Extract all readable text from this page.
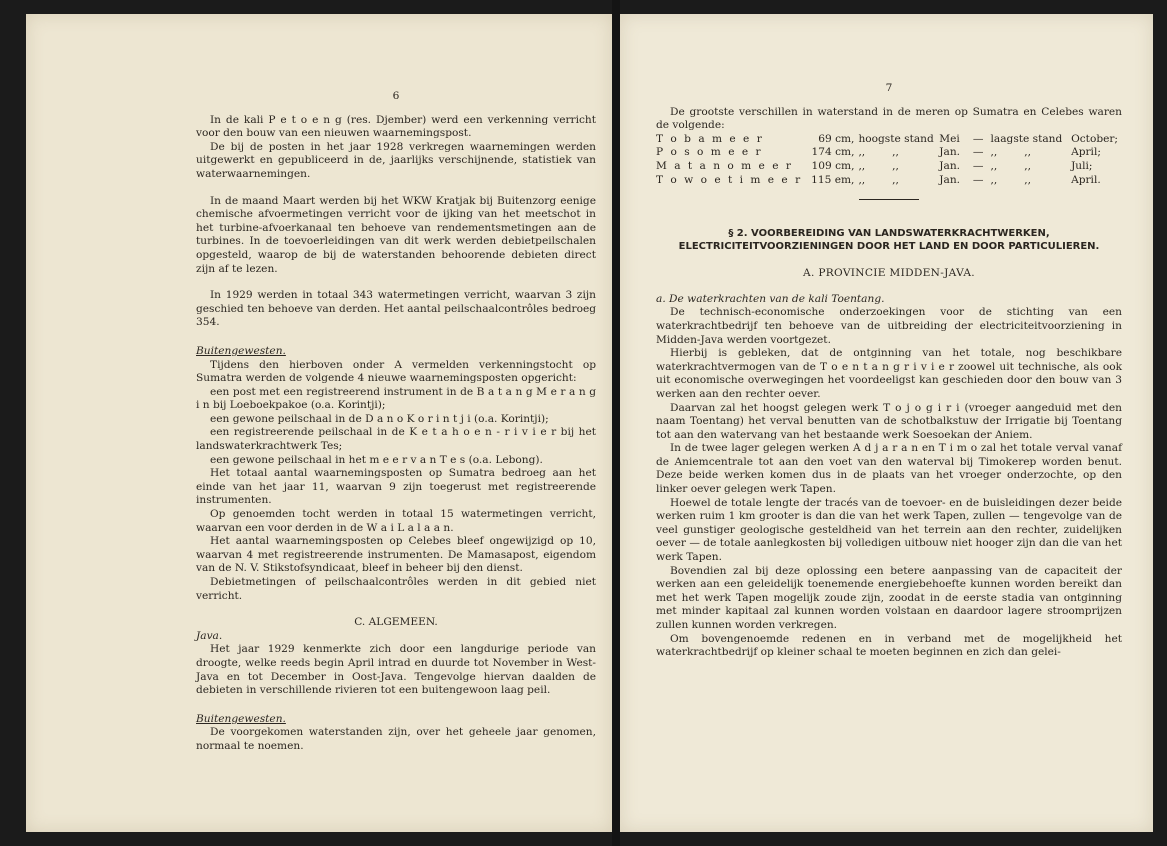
6

In de kali P e t o e n g (res. Djember) werd een verkenning verricht voor den bouw van een nieuwen waarnemingspost.

De bij de posten in het jaar 1928 verkregen waarnemingen werden uitgewerkt en gepubliceerd in de, jaarlijks verschijnende, statistiek van waterwaarnemingen.

In de maand Maart werden bij het WKW Kratjak bij Buitenzorg eenige chemische afvoermetingen verricht voor de ijking van het meetschot in het turbine-afvoerkanaal ten behoeve van rendementsmetingen aan de turbines. In de toevoerleidingen van dit werk werden debietpeilschalen opgesteld, waarop de bij de waterstanden behoorende debieten direct zijn af te lezen.

In 1929 werden in totaal 343 watermetingen verricht, waarvan 3 zijn geschied ten behoeve van derden. Het aantal peilschaalcontrôles bedroeg 354.

Buitengewesten.

Tijdens den hierboven onder A vermelden verkenningstocht op Sumatra werden de volgende 4 nieuwe waarnemingsposten opgericht:

een post met een registreerend instrument in de B a t a n g M e r a n g i n bij Loeboekpakoe (o.a. Korintji);

een gewone peilschaal in de D a n o K o r i n t j i (o.a. Korintji);

een registreerende peilschaal in de K e t a h o e n - r i v i e r bij het landswaterkrachtwerk Tes;

een gewone peilschaal in het m e e r v a n T e s (o.a. Lebong).

Het totaal aantal waarnemingsposten op Sumatra bedroeg aan het einde van het jaar 11, waarvan 9 zijn toegerust met registreerende instrumenten.

Op genoemden tocht werden in totaal 15 watermetingen verricht, waarvan een voor derden in de W a i L a l a a n.

Het aantal waarnemingsposten op Celebes bleef ongewijzigd op 10, waarvan 4 met registreerende instrumenten. De Mamasapost, eigendom van de N. V. Stikstofsyndicaat, bleef in beheer bij den dienst.

Debietmetingen of peilschaalcontrôles werden in dit gebied niet verricht.

C. ALGEMEEN.

Java.

Het jaar 1929 kenmerkte zich door een langdurige periode van droogte, welke reeds begin April intrad en duurde tot November in West-Java en tot December in Oost-Java. Tengevolge hiervan daalden de debieten in verschillende rivieren tot een buitengewoon laag peil.

Buitengewesten.

De voorgekomen waterstanden zijn, over het geheele jaar genomen, normaal te noemen.

7

De grootste verschillen in waterstand in de meren op Sumatra en Celebes waren de volgende:

T o b a m e e r	69 cm,	hoogste stand	Mei	—	laagste stand	October;
P o s o m e e r	174 cm,	,,        ,,	Jan.	—	,,        ,,	April;
M a t a n o m e e r	109 cm,	,,        ,,	Jan.	—	,,        ,,	Juli;
T o w o e t i m e e r	115 em,	,,        ,,	Jan.	—	,,        ,,	April.
§ 2. VOORBEREIDING VAN LANDSWATERKRACHTWERKEN, ELECTRICITEITVOORZIENINGEN DOOR HET LAND EN DOOR PARTICULIEREN.
A. PROVINCIE MIDDEN-JAVA.

a. De waterkrachten van de kali Toentang.

De technisch-economische onderzoekingen voor de stichting van een waterkrachtbedrijf ten behoeve van de uitbreiding der electriciteitvoorziening in Midden-Java werden voortgezet.

Hierbij is gebleken, dat de ontginning van het totale, nog beschikbare waterkrachtvermogen van de T o e n t a n g r i v i e r zoowel uit technische, als ook uit economische overwegingen het voordeeligst kan geschieden door den bouw van 3 werken aan den rechter oever.

Daarvan zal het hoogst gelegen werk T o j o g i r i (vroeger aangeduid met den naam Toentang) het verval benutten van de schotbalkstuw der Irrigatie bij Toentang tot aan den watervang van het bestaande werk Soesoekan der Aniem.

In de twee lager gelegen werken A d j a r a n en T i m o zal het totale verval vanaf de Aniemcentrale tot aan den voet van den waterval bij Timokerep worden benut. Deze beide werken komen dus in de plaats van het vroeger onderzochte, op den linker oever gelegen werk Tapen.

Hoewel de totale lengte der tracés van de toevoer- en de buisleidingen dezer beide werken ruim 1 km grooter is dan die van het werk Tapen, zullen — tengevolge van de veel gunstiger geologische gesteldheid van het terrein aan den rechter, zuidelijken oever — de totale aanlegkosten bij volledigen uitbouw niet hooger zijn dan die van het werk Tapen.

Bovendien zal bij deze oplossing een betere aanpassing van de capaciteit der werken aan een geleidelijk toenemende energiebehoefte kunnen worden bereikt dan met het werk Tapen mogelijk zoude zijn, zoodat in de eerste stadia van ontginning met minder kapitaal zal kunnen worden volstaan en daardoor lagere stroomprijzen zullen kunnen worden verkregen.

Om bovengenoemde redenen en in verband met de mogelijkheid het waterkrachtbedrijf op kleiner schaal te moeten beginnen en zich dan gelei-
